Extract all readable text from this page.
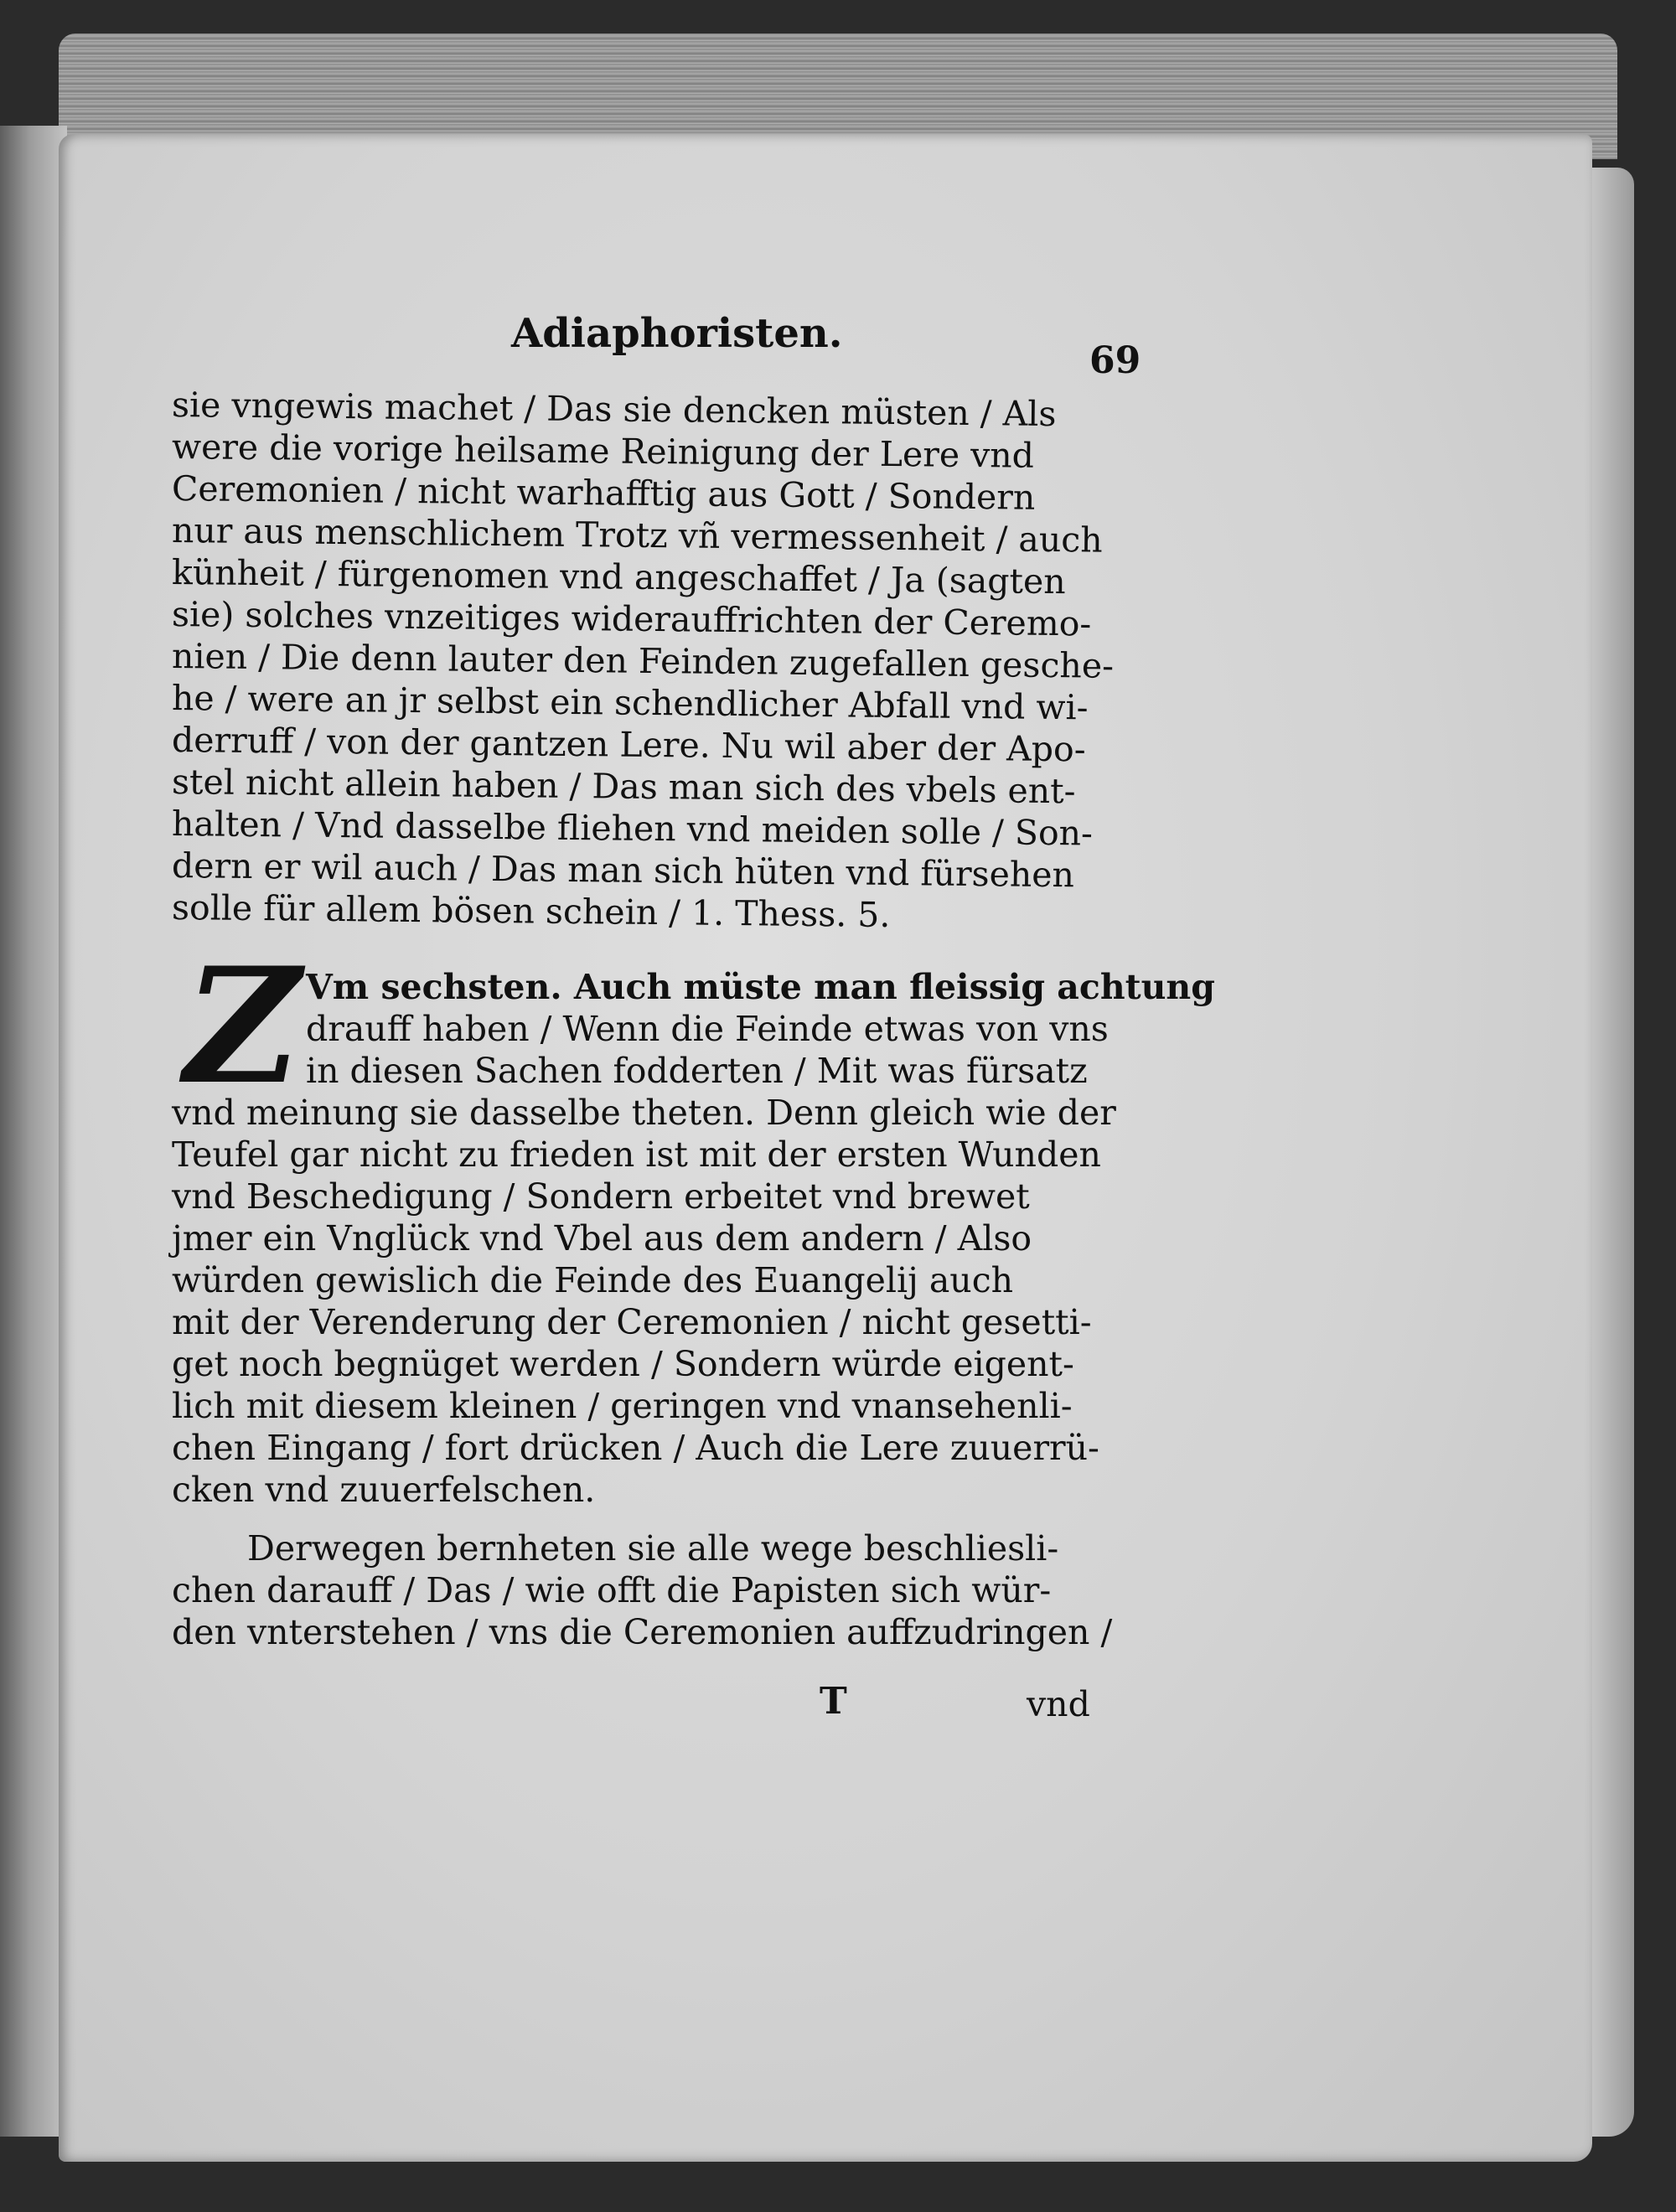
Adiaphoristen.
69
sie vngewis machet / Das sie dencken müsten / Als
were die vorige heilsame Reinigung der Lere vnd
Ceremonien / nicht warhafftig aus Gott / Sondern
nur aus menschlichem Trotz vñ vermessenheit / auch
künheit / fürgenomen vnd angeschaffet / Ja (sagten
sie) solches vnzeitiges widerauffrichten der Ceremo-
nien / Die denn lauter den Feinden zugefallen gesche-
he / were an jr selbst ein schendlicher Abfall vnd wi-
derruff / von der gantzen Lere. Nu wil aber der Apo-
stel nicht allein haben / Das man sich des vbels ent-
halten / Vnd dasselbe fliehen vnd meiden solle / Son-
dern er wil auch / Das man sich hüten vnd fürsehen
solle für allem bösen schein / 1. Thess. 5.
Vm sechsten. Auch müste man fleissig achtung
drauff haben / Wenn die Feinde etwas von vns
in diesen Sachen fodderten / Mit was fürsatz
vnd meinung sie dasselbe theten. Denn gleich wie der
Teufel gar nicht zu frieden ist mit der ersten Wunden
vnd Beschedigung / Sondern erbeitet vnd brewet
jmer ein Vnglück vnd Vbel aus dem andern / Also
würden gewislich die Feinde des Euangelij auch
mit der Verenderung der Ceremonien / nicht gesetti-
get noch begnüget werden / Sondern würde eigent-
lich mit diesem kleinen / geringen vnd vnansehenli-
chen Eingang / fort drücken / Auch die Lere zuuerrü-
cken vnd zuuerfelschen.
Derwegen bernheten sie alle wege beschliesli-
chen darauff / Das / wie offt die Papisten sich wür-
den vnterstehen / vns die Ceremonien auffzudringen /
Z
T	vnd
